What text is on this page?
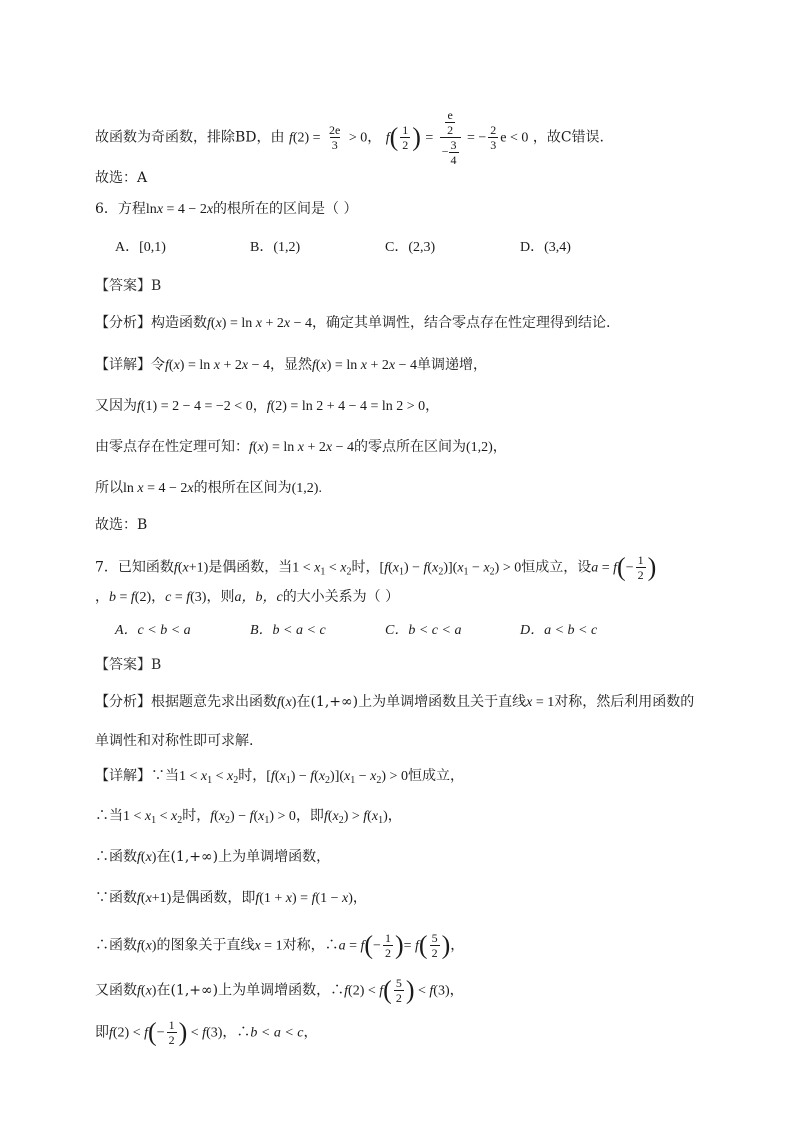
故函数为奇函数，排除BD，由 $f(2) = \frac{2e}{3} > 0$， $f( \frac{1}{2}$ ) = $\frac{\frac{e}{2}}{- \frac{3}{4}}$ = − $\frac{2}{3}$ e < 0 ，故C错误.
故选：A
6．方程lnx = 4 − 2x的根所在的区间是（ ）
A．[0,1)	B．(1,2)	C．(2,3)	D．(3,4)
【答案】B
【分析】构造函数f(x) = ln x + 2x − 4，确定其单调性，结合零点存在性定理得到结论.
【详解】令f(x) = ln x + 2x − 4，显然f(x) = ln x + 2x − 4单调递增，
又因为f(1) = 2 − 4 = −2 < 0，f(2) = ln 2 + 4 − 4 = ln 2 > 0，
由零点存在性定理可知：f(x) = ln x + 2x − 4的零点所在区间为(1,2)，
所以ln x = 4 − 2x的根所在区间为(1,2).
故选：B
7．已知函数f(x+1)是偶函数，当$1 < x_1 < x_2$时，$[f(x_1) - f(x_2)](x_1 - x_2) > 0$恒成立，设$a = f(- \frac{1}{2}$ )
，b = f(2)，c = f(3)，则a，b，c的大小关系为（ ）
A．c < b < a	B．b < a < c	C．b < c < a	D．a < b < c
【答案】B
【分析】根据题意先求出函数f(x)在(1,+∞)上为单调增函数且关于直线x = 1对称，然后利用函数的
单调性和对称性即可求解.
【详解】∵当$1 < x_1 < x_2$时，$[f(x_1) - f(x_2)](x_1 - x_2) > 0$恒成立，
∴当$1 < x_1 < x_2$时，$f(x_2) - f(x_1) > 0$，即$f(x_2) > f(x_1)$，
∴函数f(x)在(1,+∞)上为单调增函数，
∵函数f(x+1)是偶函数，即f(1 + x) = f(1 − x)，
∴函数f(x)的图象关于直线x = 1对称，∴a = $f(- \frac{1}{2}$ )= $f( \frac{5}{2}$ )，
又函数f(x)在(1,+∞)上为单调增函数，∴f(2) < $f( \frac{5}{2}$ ) < f(3)，
即$f(2) < f(- \frac{1}{2}$ ) < f(3)，∴b < a < c，
